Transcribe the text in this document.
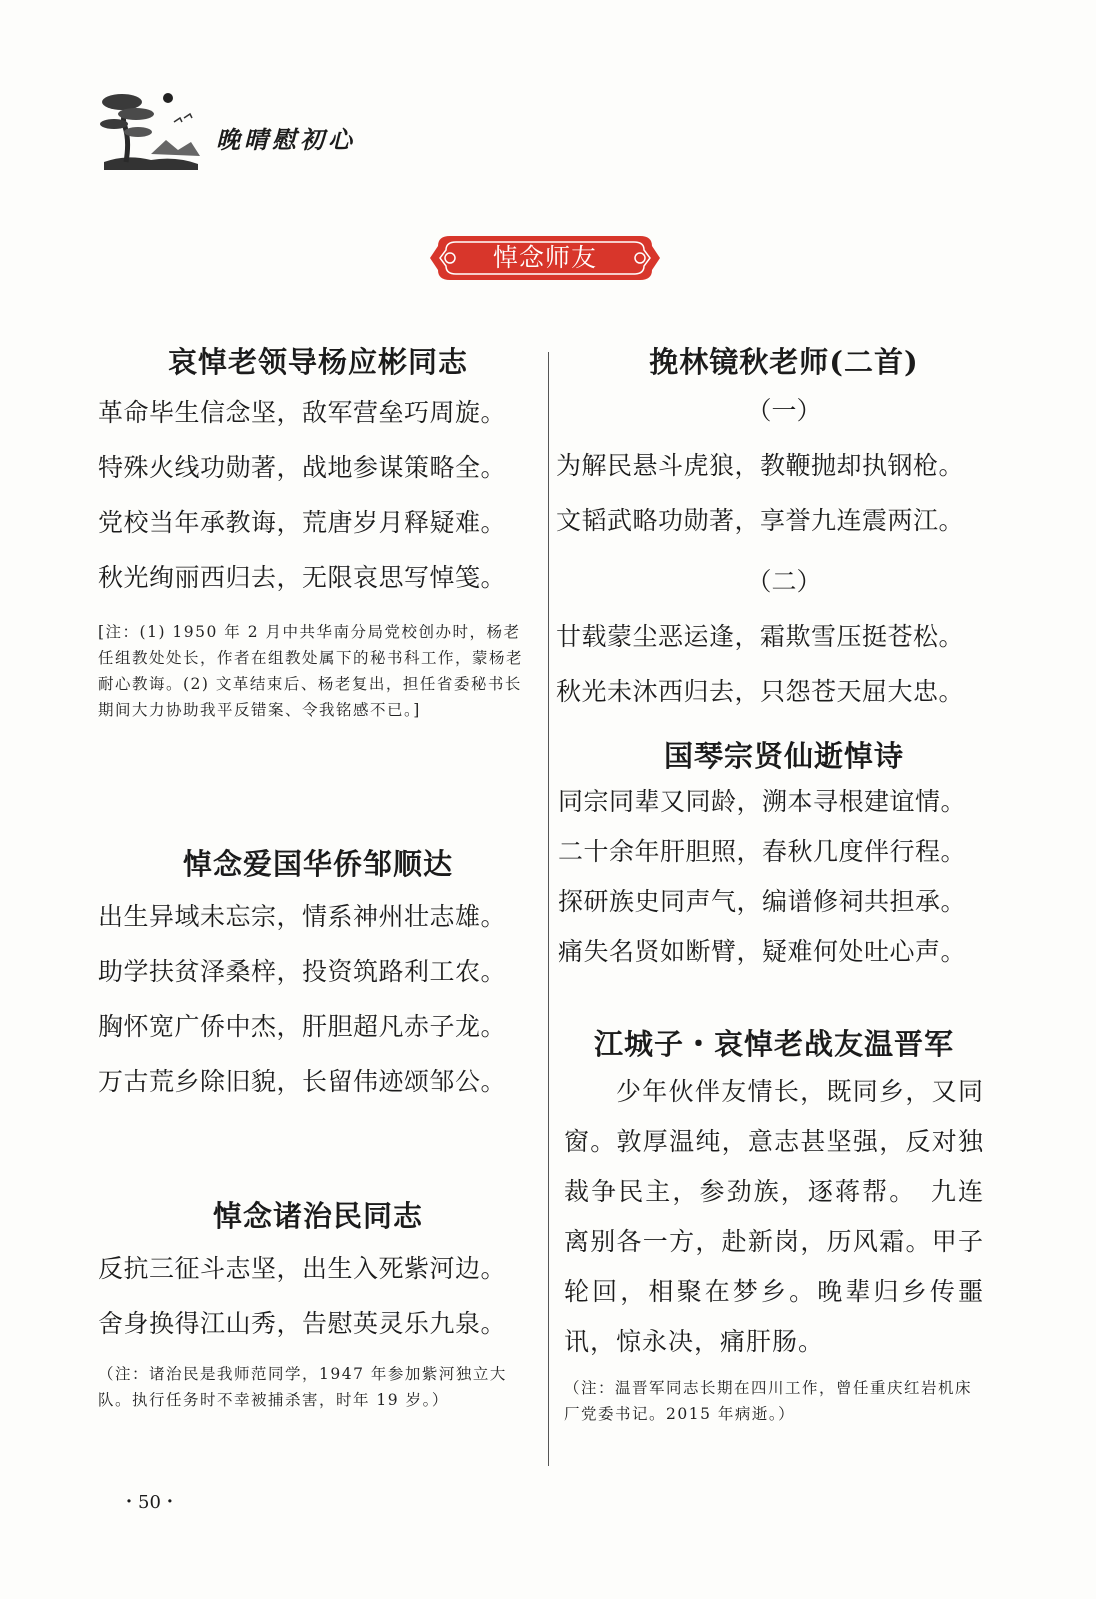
晚晴慰初心
悼念师友
哀悼老领导杨应彬同志
革命毕生信念坚，敌军营垒巧周旋。
特殊火线功勋著，战地参谋策略全。
党校当年承教诲，荒唐岁月释疑难。
秋光绚丽西归去，无限哀思写悼笺。
[注：(1) 1950 年 2 月中共华南分局党校创办时，杨老任组教处处长，作者在组教处属下的秘书科工作，蒙杨老耐心教诲。(2) 文革结束后、杨老复出，担任省委秘书长期间大力协助我平反错案、令我铭感不已。]
悼念爱国华侨邹顺达
出生异域未忘宗，情系神州壮志雄。
助学扶贫泽桑梓，投资筑路利工农。
胸怀宽广侨中杰，肝胆超凡赤子龙。
万古荒乡除旧貌，长留伟迹颂邹公。
悼念诸治民同志
反抗三征斗志坚，出生入死紫河边。
舍身换得江山秀，告慰英灵乐九泉。
（注：诸治民是我师范同学，1947 年参加紫河独立大队。执行任务时不幸被捕杀害，时年 19 岁。）
挽林镜秋老师(二首)
（一）
为解民悬斗虎狼，教鞭抛却执钢枪。
文韬武略功勋著，享誉九连震两江。
（二）
廿载蒙尘恶运逢，霜欺雪压挺苍松。
秋光未沐西归去，只怨苍天屈大忠。
国琴宗贤仙逝悼诗
同宗同辈又同龄，溯本寻根建谊情。
二十余年肝胆照，春秋几度伴行程。
探研族史同声气，编谱修祠共担承。
痛失名贤如断臂，疑难何处吐心声。
江城子・哀悼老战友温晋军
少年伙伴友情长，既同乡，又同窗。敦厚温纯，意志甚坚强，反对独裁争民主，参劲族，逐蒋帮。　九连离别各一方，赴新岗，历风霜。甲子轮回，相聚在梦乡。晚辈归乡传噩讯，惊永决，痛肝肠。
（注：温晋军同志长期在四川工作，曾任重庆红岩机床厂党委书记。2015 年病逝。）
・50・
